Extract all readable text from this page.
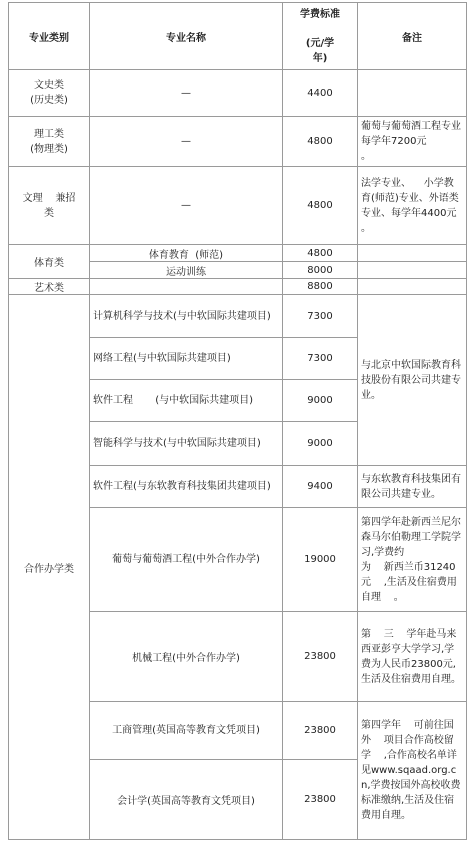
专业类别	专业名称	学费标准
(元/学
年)	备注
文史类
(历史类)	—	4400	
理工类
(物理类)	—	4800	葡萄与葡萄酒工程专业每学年7200元
。
文理    兼招
类	—	4800	法学专业、    小学教育(师范)专业、外语类专业、每学年4400元    。
体育类	体育教育  (师范)	4800	
	运动训练	8000	
艺术类		8800	
合作办学类	计算机科学与技术(与中软国际共建项目)	7300	与北京中软国际教育科技股份有限公司共建专业。
	网络工程(与中软国际共建项目)	7300	
	软件工程       (与中软国际共建项目)	9000	
	智能科学与技术(与中软国际共建项目)	9000	
	软件工程(与东软教育科技集团共建项目)	9400	与东软教育科技集团有限公司共建专业。
	葡萄与葡萄酒工程(中外合作办学)	19000	第四学年赴新西兰尼尔森马尔伯勒理工学院学习,学费约
为    新西兰币31240
元    ,生活及住宿费用自理    。
	机械工程(中外合作办学)	23800	第    三    学年赴马来西亚彭亨大学学习,学费为人民币23800元,生活及住宿费用自理。
	工商管理(英国高等教育文凭项目)	23800	第四学年    可前往国外    项目合作高校留学    ,合作高校名单详见www.sqaad.org.cn,学费按国外高校收费标准缴纳,生活及住宿费用自理。
	会计学(英国高等教育文凭项目)	23800	
